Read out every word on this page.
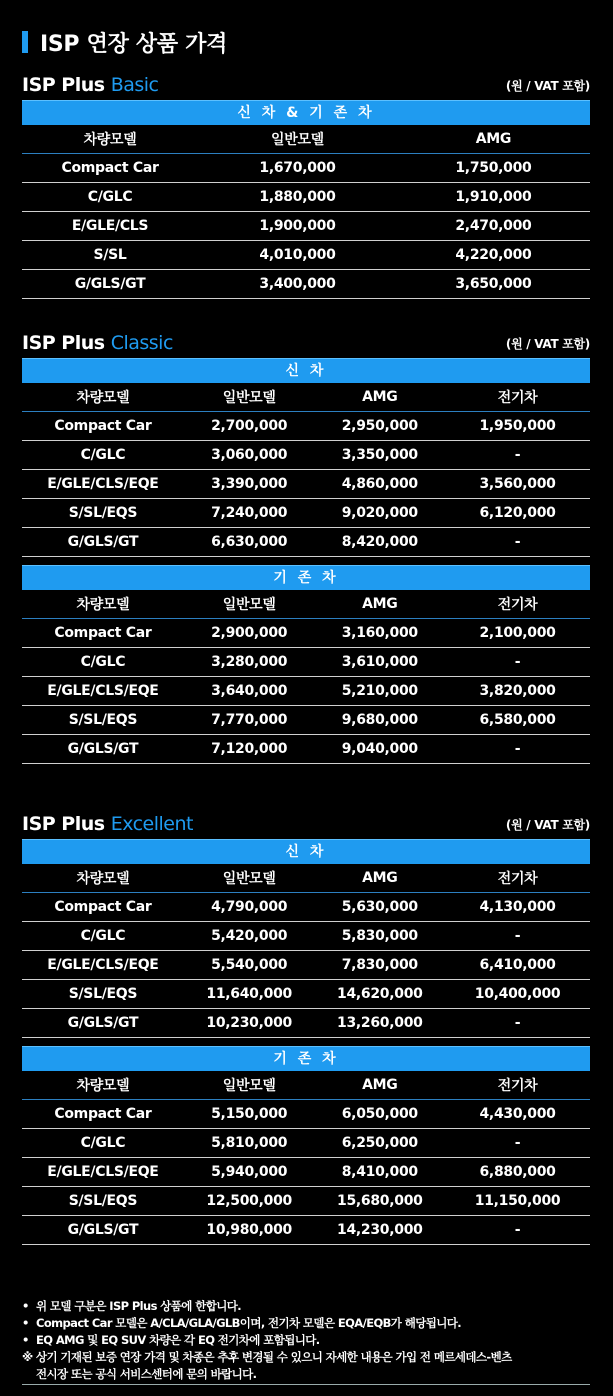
ISP 연장 상품 가격
ISP Plus Basic	(원 / VAT 포함)
신 차 & 기 존 차
차량모델	일반모델	AMG
Compact Car	1,670,000	1,750,000
C/GLC	1,880,000	1,910,000
E/GLE/CLS	1,900,000	2,470,000
S/SL	4,010,000	4,220,000
G/GLS/GT	3,400,000	3,650,000
ISP Plus Classic	(원 / VAT 포함)
신 차
차량모델	일반모델	AMG	전기차
Compact Car	2,700,000	2,950,000	1,950,000
C/GLC	3,060,000	3,350,000	-
E/GLE/CLS/EQE	3,390,000	4,860,000	3,560,000
S/SL/EQS	7,240,000	9,020,000	6,120,000
G/GLS/GT	6,630,000	8,420,000	-
기 존 차
차량모델	일반모델	AMG	전기차
Compact Car	2,900,000	3,160,000	2,100,000
C/GLC	3,280,000	3,610,000	-
E/GLE/CLS/EQE	3,640,000	5,210,000	3,820,000
S/SL/EQS	7,770,000	9,680,000	6,580,000
G/GLS/GT	7,120,000	9,040,000	-
ISP Plus Excellent	(원 / VAT 포함)
신 차
차량모델	일반모델	AMG	전기차
Compact Car	4,790,000	5,630,000	4,130,000
C/GLC	5,420,000	5,830,000	-
E/GLE/CLS/EQE	5,540,000	7,830,000	6,410,000
S/SL/EQS	11,640,000	14,620,000	10,400,000
G/GLS/GT	10,230,000	13,260,000	-
기 존 차
차량모델	일반모델	AMG	전기차
Compact Car	5,150,000	6,050,000	4,430,000
C/GLC	5,810,000	6,250,000	-
E/GLE/CLS/EQE	5,940,000	8,410,000	6,880,000
S/SL/EQS	12,500,000	15,680,000	11,150,000
G/GLS/GT	10,980,000	14,230,000	-
• 위 모델 구분은 ISP Plus 상품에 한합니다.
• Compact Car 모델은 A/CLA/GLA/GLB이며, 전기차 모델은 EQA/EQB가 해당됩니다.
• EQ AMG 및 EQ SUV 차량은 각 EQ 전기차에 포함됩니다.
※ 상기 기재된 보증 연장 가격 및 차종은 추후 변경될 수 있으니 자세한 내용은 가입 전 메르세데스-벤츠
전시장 또는 공식 서비스센터에 문의 바랍니다.
